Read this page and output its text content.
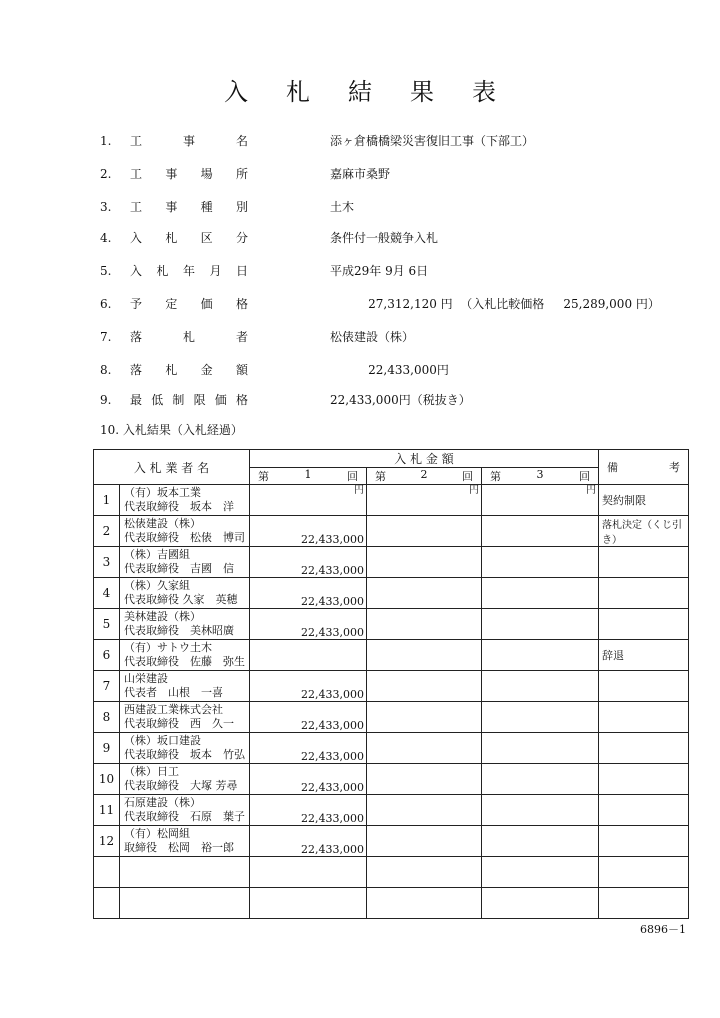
入札結果表
1.	工	事	名	添ヶ倉橋橋梁災害復旧工事（下部工）
2.	工 事 場 所	嘉麻市桑野
3.	工 事 種 別	土木
4.	入 札 区 分	条件付一般競争入札
5.	入 札 年 月 日	平成29年 9月 6日
6.	予 定 価 格	27,312,120 円  （入札比較価格     25,289,000 円）
7.	落	札	者	松俵建設（株）
8.	落 札 金 額	22,433,000円
9.	最 低 制 限 価 格	22,433,000円（税抜き）
10. 入札結果（入札経過）
入 札 業 者 名		入 札 金 額			備 考

		第 1 回	第 2 回	第 3 回	

1	（有）坂本工業
代表取締役　坂本　洋	円	円	円	契約制限
2	松俵建設（株）
代表取締役　松俵　博司	22,433,000			落札決定（くじ引き）
3	（株）吉國組
代表取締役　吉國　信	22,433,000			
4	（株）久家組
代表取締役 久家　英穂	22,433,000			
5	美林建設（株）
代表取締役　美林昭廣	22,433,000			
6	（有）サトウ土木
代表取締役　佐藤　弥生				辞退
7	山栄建設
代表者　山根　一喜	22,433,000			
8	西建設工業株式会社
代表取締役　西　久一	22,433,000			
9	（株）坂口建設
代表取締役　坂本　竹弘	22,433,000			
10	（株）日工
代表取締役　大塚 芳尋	22,433,000			
11	石原建設（株）
代表取締役　石原　葉子	22,433,000			
12	（有）松岡組
取締役　松岡　裕一郎	22,433,000			

6896－1
